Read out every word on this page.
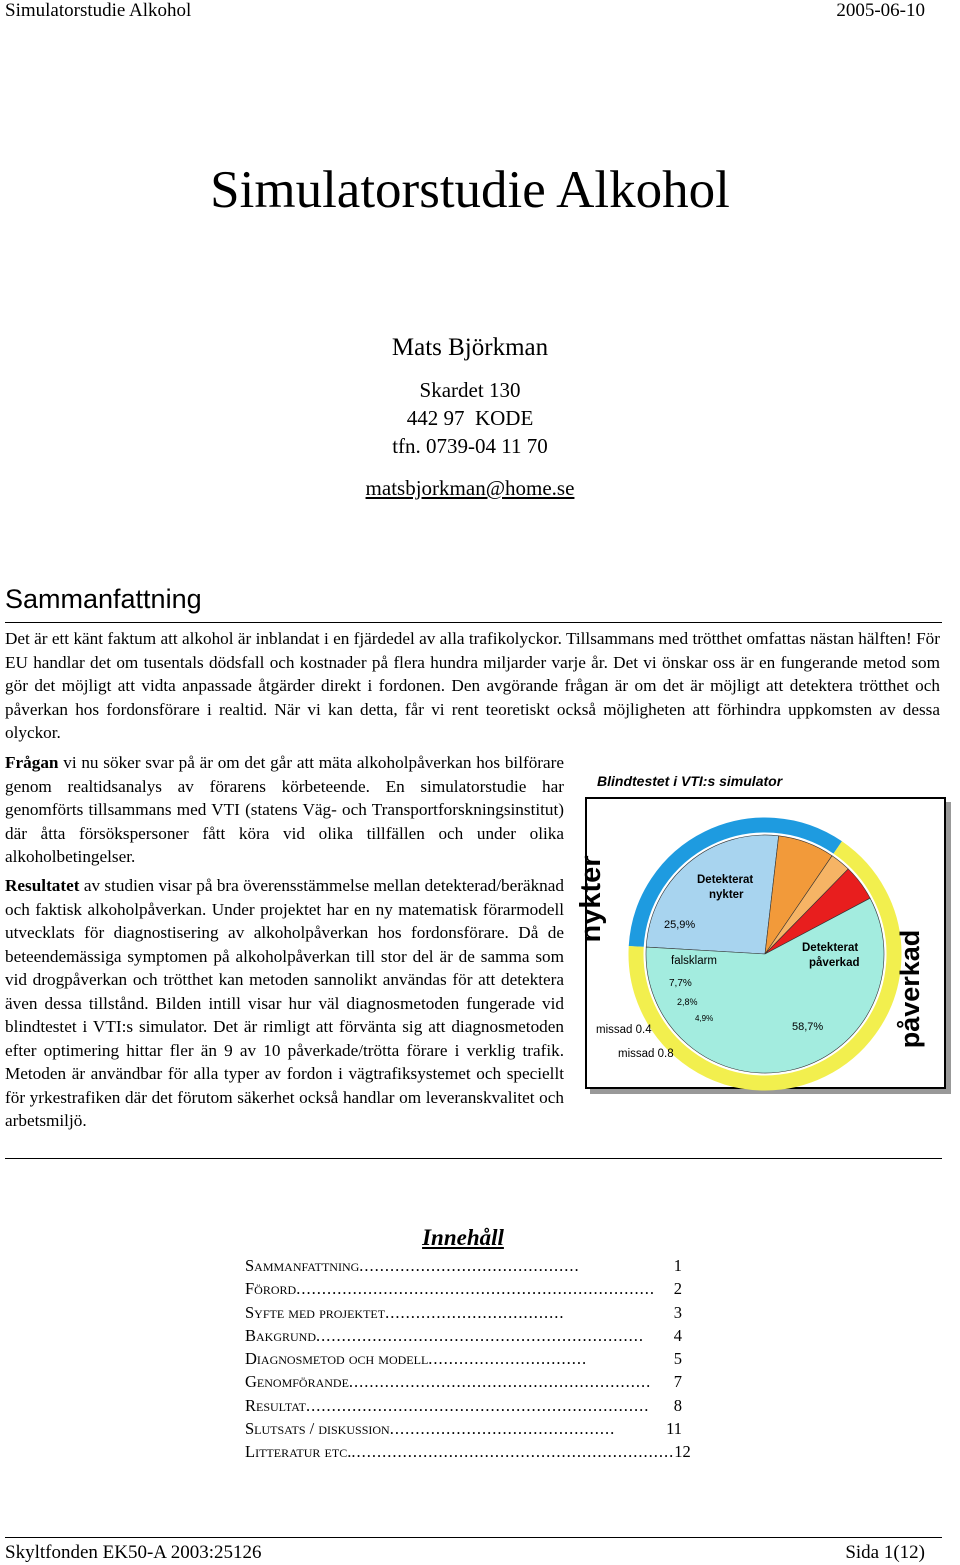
Simulatorstudie Alkohol	2005-06-10
Simulatorstudie Alkohol
Mats Björkman
Skardet 130
442 97  KODE
tfn. 0739-04 11 70
matsbjorkman@home.se
Sammanfattning
Det är ett känt faktum att alkohol är inblandat i en fjärdedel av alla trafikolyckor. Tillsammans med trötthet omfattas nästan hälften! För EU handlar det om tusentals dödsfall och kostnader på flera hundra miljarder varje år. Det vi önskar oss är en fungerande metod som gör det möjligt att vidta anpassade åtgärder direkt i fordonen. Den avgörande frågan är om det är möjligt att detektera trötthet och påverkan hos fordonsförare i realtid. När vi kan detta, får vi rent teoretiskt också möjligheten att förhindra uppkomsten av dessa olyckor.

Frågan vi nu söker svar på är om det går att mäta alkoholpåverkan hos bilförare genom realtidsanalys av förarens körbeteende. En simulatorstudie har genomförts tillsammans med VTI (statens Väg- och Transportforskningsinstitut) där åtta försökspersoner fått köra vid olika tillfällen och under olika alkoholbetingelser.

Resultatet av studien visar på bra överensstämmelse mellan detekterad/beräknad och faktisk alkoholpåverkan. Under projektet har en ny matematisk förarmodell utvecklats för diagnostisering av alkoholpåverkan hos fordonsförare. Då de beteendemässiga symptomen på alkoholpåverkan till stor del är de samma som vid drogpåverkan och trötthet kan metoden sannolikt användas för att detektera även dessa tillstånd. Bilden intill visar hur väl diagnosmetoden fungerade vid blindtestet i VTI:s simulator. Det är rimligt att förvänta sig att diagnosmetoden efter optimering hittar fler än 9 av 10 påverkade/trötta förare i verklig trafik. Metoden är användbar för alla typer av fordon i vägtrafiksystemet och speciellt för yrkestrafiken där det förutom säkerhet också handlar om leveranskvalitet och arbetsmiljö.
Blindtestet i VTI:s simulator
nykter
påverkad
Detekterat
nykter
Detekterat
påverkad
falsklarm
missad 0.4
missad 0.8
25,9%
7,7%
2,8%
4,9%
58,7%
Innehåll
Sammanfattning ...........................................	1
Förord ......................................................................	2
Syfte med projektet ...................................	3
Bakgrund ................................................................	4
Diagnosmetod och modell ...............................	5
Genomförande ...........................................................	7
Resultat ...................................................................	8
Slutsats / diskussion ............................................	11
Litteratur etc. ............................................................... 12
Skyltfonden EK50-A 2003:25126	Sida 1(12)
